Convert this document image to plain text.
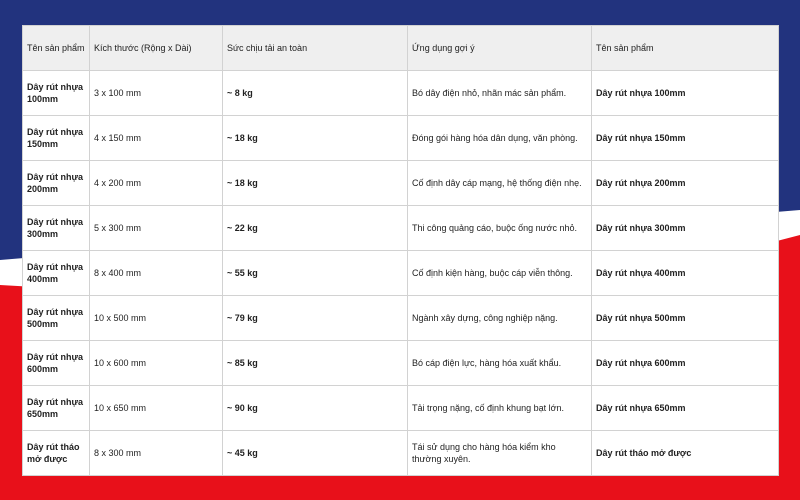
Tên sản phẩm	Kích thước (Rộng x Dài)	Sức chịu tải an toàn	Ứng dụng gợi ý	Tên sản phẩm
Dây rút nhựa 100mm	3 x 100 mm	~ 8 kg	Bó dây điện nhỏ, nhãn mác sản phẩm.	Dây rút nhựa 100mm
Dây rút nhựa 150mm	4 x 150 mm	~ 18 kg	Đóng gói hàng hóa dân dụng, văn phòng.	Dây rút nhựa 150mm
Dây rút nhựa 200mm	4 x 200 mm	~ 18 kg	Cố định dây cáp mạng, hệ thống điện nhẹ.	Dây rút nhựa 200mm
Dây rút nhựa 300mm	5 x 300 mm	~ 22 kg	Thi công quảng cáo, buộc ống nước nhỏ.	Dây rút nhựa 300mm
Dây rút nhựa 400mm	8 x 400 mm	~ 55 kg	Cố định kiện hàng, buộc cáp viễn thông.	Dây rút nhựa 400mm
Dây rút nhựa 500mm	10 x 500 mm	~ 79 kg	Ngành xây dựng, công nghiệp nặng.	Dây rút nhựa 500mm
Dây rút nhựa 600mm	10 x 600 mm	~ 85 kg	Bó cáp điện lực, hàng hóa xuất khẩu.	Dây rút nhựa 600mm
Dây rút nhựa 650mm	10 x 650 mm	~ 90 kg	Tải trọng nặng, cố định khung bạt lớn.	Dây rút nhựa 650mm
Dây rút tháo mở được	8 x 300 mm	~ 45 kg	Tái sử dụng cho hàng hóa kiểm kho thường xuyên.	Dây rút tháo mở được
